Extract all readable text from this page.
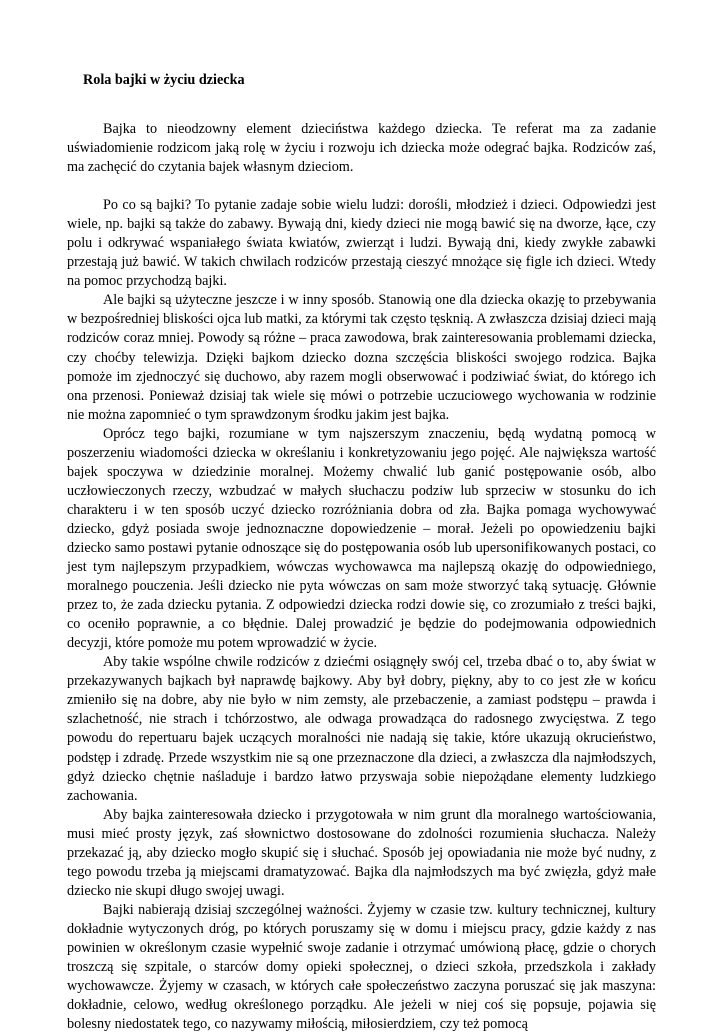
Rola bajki w życiu dziecka

Bajka to nieodzowny element dzieciństwa każdego dziecka. Te referat ma za zadanie uświadomienie rodzicom jaką rolę w życiu i rozwoju ich dziecka może odegrać bajka. Rodziców zaś, ma zachęcić do czytania bajek własnym dzieciom.

Po co są bajki? To pytanie zadaje sobie wielu ludzi: dorośli, młodzież i dzieci. Odpowiedzi jest wiele, np. bajki są także do zabawy. Bywają dni, kiedy dzieci nie mogą bawić się na dworze, łące, czy polu i odkrywać wspaniałego świata kwiatów, zwierząt i ludzi. Bywają dni, kiedy zwykłe zabawki przestają już bawić. W takich chwilach rodziców przestają cieszyć mnożące się figle ich dzieci. Wtedy na pomoc przychodzą bajki.

Ale bajki są użyteczne jeszcze i w inny sposób. Stanowią one dla dziecka okazję to przebywania w bezpośredniej bliskości ojca lub matki, za którymi tak często tęsknią. A zwłaszcza dzisiaj dzieci mają rodziców coraz mniej. Powody są różne – praca zawodowa, brak zainteresowania problemami dziecka, czy choćby telewizja. Dzięki bajkom dziecko dozna szczęścia bliskości swojego rodzica. Bajka pomoże im zjednoczyć się duchowo, aby razem mogli obserwować i podziwiać świat, do którego ich ona przenosi. Ponieważ dzisiaj tak wiele się mówi o potrzebie uczuciowego wychowania w rodzinie nie można zapomnieć o tym sprawdzonym środku jakim jest bajka.

Oprócz tego bajki, rozumiane w tym najszerszym znaczeniu, będą wydatną pomocą w poszerzeniu wiadomości dziecka w określaniu i konkretyzowaniu jego pojęć. Ale największa wartość bajek spoczywa w dziedzinie moralnej. Możemy chwalić lub ganić postępowanie osób, albo uczłowieczonych rzeczy, wzbudzać w małych słuchaczu podziw lub sprzeciw w stosunku do ich charakteru i w ten sposób uczyć dziecko rozróżniania dobra od zła. Bajka pomaga wychowywać dziecko, gdyż posiada swoje jednoznaczne dopowiedzenie – morał. Jeżeli po opowiedzeniu bajki dziecko samo postawi pytanie odnoszące się do postępowania osób lub upersonifikowanych postaci, co jest tym najlepszym przypadkiem, wówczas wychowawca ma najlepszą okazję do odpowiedniego, moralnego pouczenia. Jeśli dziecko nie pyta wówczas on sam może stworzyć taką sytuację. Głównie przez to, że zada dziecku pytania. Z odpowiedzi dziecka rodzi dowie się, co zrozumiało z treści bajki, co oceniło poprawnie, a co błędnie. Dalej prowadzić je będzie do podejmowania odpowiednich decyzji, które pomoże mu potem wprowadzić w życie.

Aby takie wspólne chwile rodziców z dziećmi osiągnęły swój cel, trzeba dbać o to, aby świat w przekazywanych bajkach był naprawdę bajkowy. Aby był dobry, piękny, aby to co jest złe w końcu zmieniło się na dobre, aby nie było w nim zemsty, ale przebaczenie, a zamiast podstępu – prawda i szlachetność, nie strach i tchórzostwo, ale odwaga prowadząca do radosnego zwycięstwa. Z tego powodu do repertuaru bajek uczących moralności nie nadają się takie, które ukazują okrucieństwo, podstęp i zdradę. Przede wszystkim nie są one przeznaczone dla dzieci, a zwłaszcza dla najmłodszych, gdyż dziecko chętnie naśladuje i bardzo łatwo przyswaja sobie niepożądane elementy ludzkiego zachowania.

Aby bajka zainteresowała dziecko i przygotowała w nim grunt dla moralnego wartościowania, musi mieć prosty język, zaś słownictwo dostosowane do zdolności rozumienia słuchacza. Należy przekazać ją, aby dziecko mogło skupić się i słuchać. Sposób jej opowiadania nie może być nudny, z tego powodu trzeba ją miejscami dramatyzować. Bajka dla najmłodszych ma być zwięzła, gdyż małe dziecko nie skupi długo swojej uwagi.

Bajki nabierają dzisiaj szczególnej ważności. Żyjemy w czasie tzw. kultury technicznej, kultury dokładnie wytyczonych dróg, po których poruszamy się w domu i miejscu pracy, gdzie każdy z nas powinien w określonym czasie wypełnić swoje zadanie i otrzymać umówioną płacę, gdzie o chorych troszczą się szpitale, o starców domy opieki społecznej, o dzieci szkoła, przedszkola i zakłady wychowawcze. Żyjemy w czasach, w których całe społeczeństwo zaczyna poruszać się jak maszyna: dokładnie, celowo, według określonego porządku. Ale jeżeli w niej coś się popsuje, pojawia się bolesny niedostatek tego, co nazywamy miłością, miłosierdziem, czy też pomocą
